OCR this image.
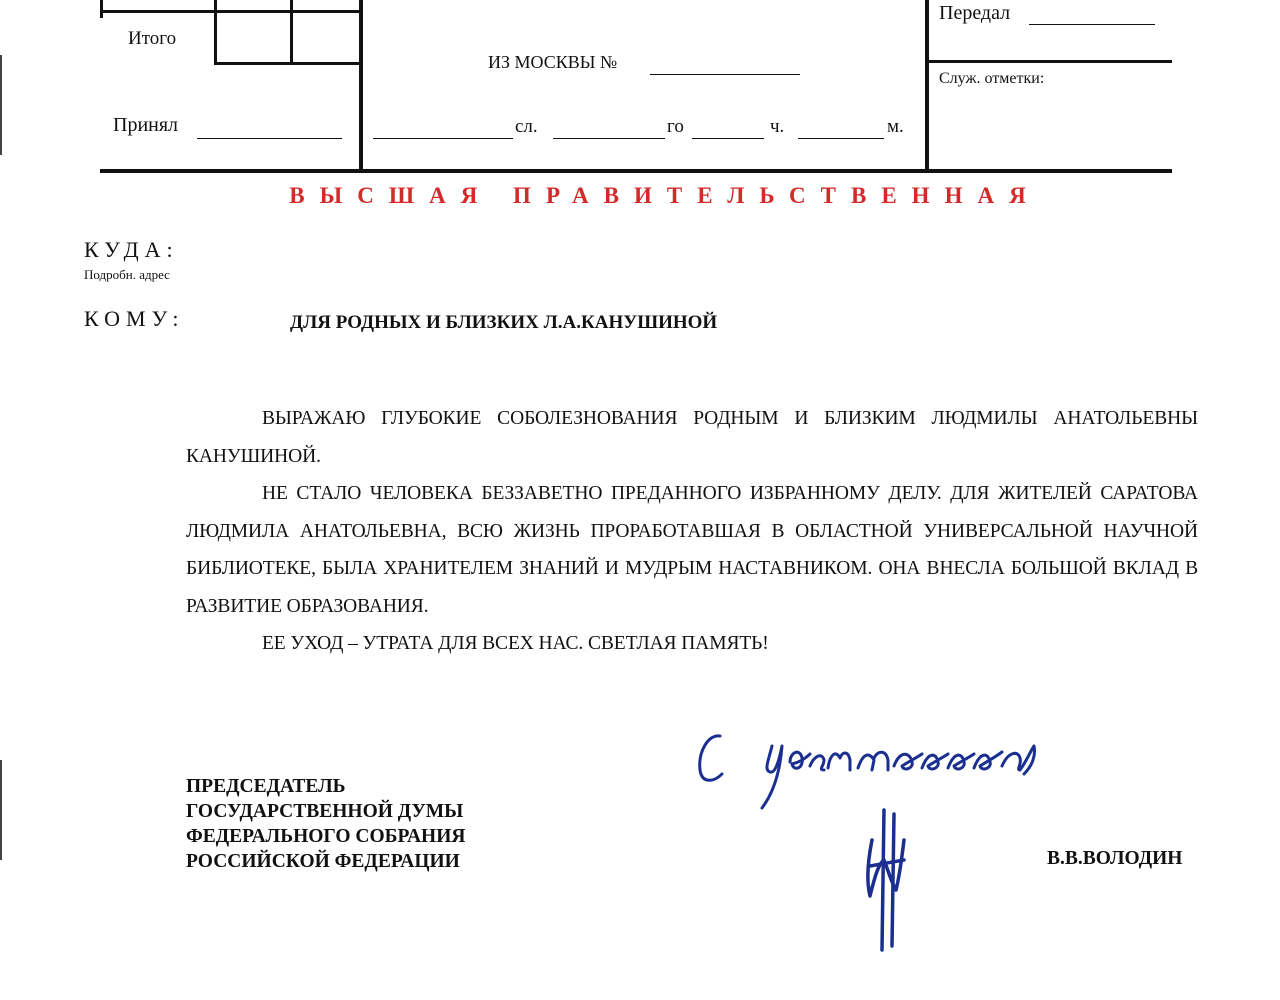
Итого
Принял
ИЗ МОСКВЫ №
сл.	го	ч.	м.
Передал
Служ. отметки:
ВЫСШАЯ ПРАВИТЕЛЬСТВЕННАЯ
КУДА:
Подробн. адрес
КОМУ:	ДЛЯ РОДНЫХ И БЛИЗКИХ Л.А.КАНУШИНОЙ

ВЫРАЖАЮ ГЛУБОКИЕ СОБОЛЕЗНОВАНИЯ РОДНЫМ И БЛИЗКИМ ЛЮДМИЛЫ АНАТОЛЬЕВНЫ КАНУШИНОЙ.

НЕ СТАЛО ЧЕЛОВЕКА БЕЗЗАВЕТНО ПРЕДАННОГО ИЗБРАННОМУ ДЕЛУ. ДЛЯ ЖИТЕЛЕЙ САРАТОВА ЛЮДМИЛА АНАТОЛЬЕВНА, ВСЮ ЖИЗНЬ ПРОРАБОТАВШАЯ В ОБЛАСТНОЙ УНИВЕРСАЛЬНОЙ НАУЧНОЙ БИБЛИОТЕКЕ, БЫЛА ХРАНИТЕЛЕМ ЗНАНИЙ И МУДРЫМ НАСТАВНИКОМ. ОНА ВНЕСЛА БОЛЬШОЙ ВКЛАД В РАЗВИТИЕ ОБРАЗОВАНИЯ.

ЕЕ УХОД – УТРАТА ДЛЯ ВСЕХ НАС. СВЕТЛАЯ ПАМЯТЬ!

ПРЕДСЕДАТЕЛЬ
ГОСУДАРСТВЕННОЙ ДУМЫ
ФЕДЕРАЛЬНОГО СОБРАНИЯ
РОССИЙСКОЙ ФЕДЕРАЦИИ	В.В.ВОЛОДИН
